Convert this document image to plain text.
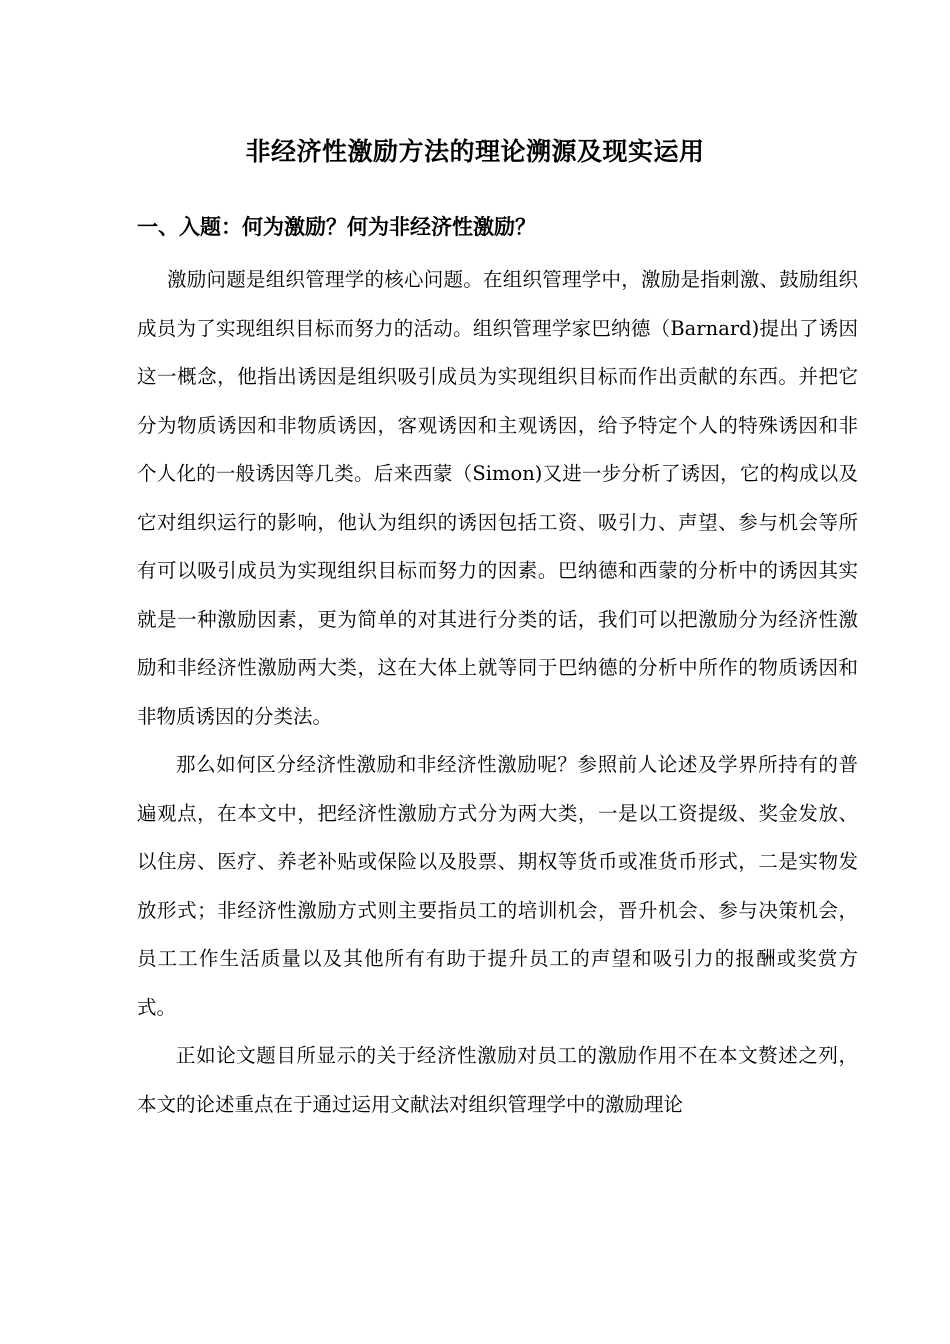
非经济性激励方法的理论溯源及现实运用
一、入题：何为激励？何为非经济性激励？

激励问题是组织管理学的核心问题。在组织管理学中，激励是指刺激、鼓励组织成员为了实现组织目标而努力的活动。组织管理学家巴纳德（Barnard)提出了诱因这一概念，他指出诱因是组织吸引成员为实现组织目标而作出贡献的东西。并把它分为物质诱因和非物质诱因，客观诱因和主观诱因，给予特定个人的特殊诱因和非个人化的一般诱因等几类。后来西蒙（Simon)又进一步分析了诱因，它的构成以及它对组织运行的影响，他认为组织的诱因包括工资、吸引力、声望、参与机会等所有可以吸引成员为实现组织目标而努力的因素。巴纳德和西蒙的分析中的诱因其实就是一种激励因素，更为简单的对其进行分类的话，我们可以把激励分为经济性激励和非经济性激励两大类，这在大体上就等同于巴纳德的分析中所作的物质诱因和非物质诱因的分类法。

那么如何区分经济性激励和非经济性激励呢？参照前人论述及学界所持有的普遍观点，在本文中，把经济性激励方式分为两大类，一是以工资提级、奖金发放、以住房、医疗、养老补贴或保险以及股票、期权等货币或准货币形式，二是实物发放形式；非经济性激励方式则主要指员工的培训机会，晋升机会、参与决策机会，员工工作生活质量以及其他所有有助于提升员工的声望和吸引力的报酬或奖赏方式。

正如论文题目所显示的关于经济性激励对员工的激励作用不在本文赘述之列，本文的论述重点在于通过运用文献法对组织管理学中的激励理论
